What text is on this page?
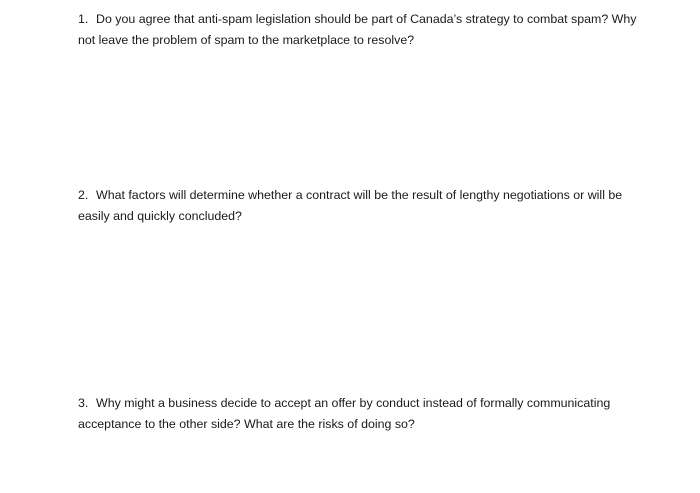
1. Do you agree that anti-spam legislation should be part of Canada’s strategy to combat spam? Why
not leave the problem of spam to the marketplace to resolve?

2. What factors will determine whether a contract will be the result of lengthy negotiations or will be
easily and quickly concluded?

3. Why might a business decide to accept an offer by conduct instead of formally communicating
acceptance to the other side? What are the risks of doing so?
